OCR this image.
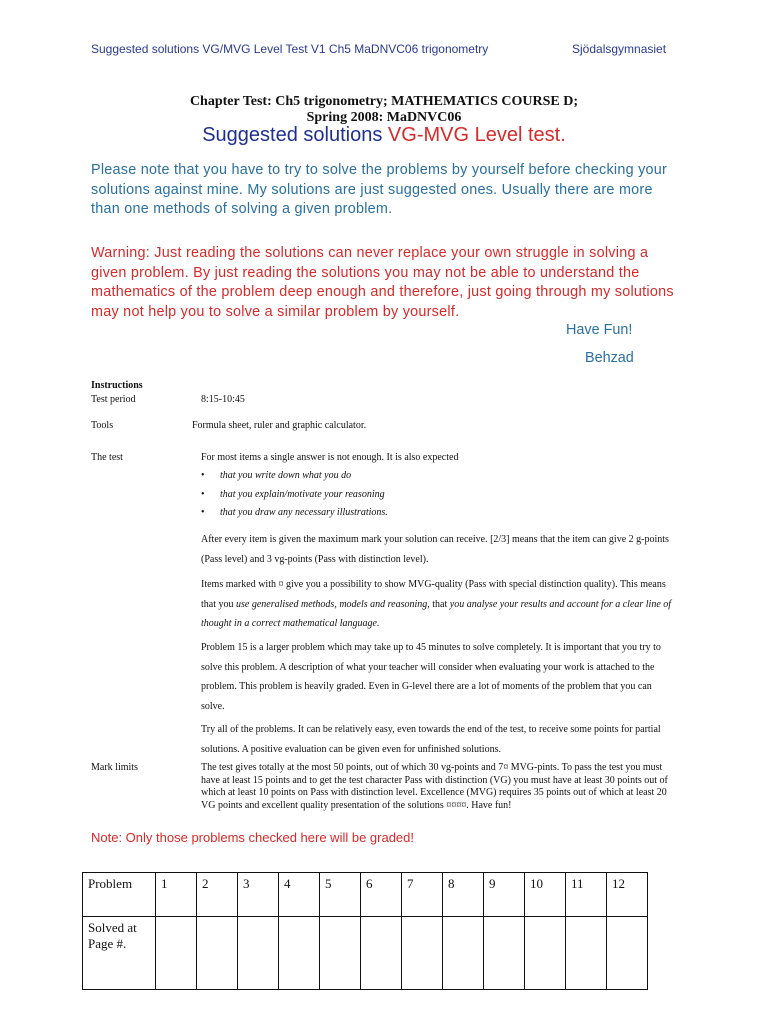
Suggested solutions VG/MVG Level Test V1 Ch5 MaDNVC06 trigonometry	Sjödalsgymnasiet
Chapter Test: Ch5 trigonometry; MATHEMATICS COURSE D;
Spring 2008: MaDNVC06
Suggested solutions VG-MVG Level test.
Please note that you have to try to solve the problems by yourself before checking your solutions against mine. My solutions are just suggested ones. Usually there are more than one methods of solving a given problem.
Warning: Just reading the solutions can never replace your own struggle in solving a given problem. By just reading the solutions you may not be able to understand the mathematics of the problem deep enough and therefore, just going through my solutions may not help you to solve a similar problem by yourself.
Have Fun!
Behzad
Instructions
Test period	8:15-10:45
Tools	Formula sheet, ruler and graphic calculator.
The test	For most items a single answer is not enough. It is also expected
• that you write down what you do
• that you explain/motivate your reasoning
• that you draw any necessary illustrations.
After every item is given the maximum mark your solution can receive. [2/3] means that the item can give 2 g-points (Pass level) and 3 vg-points (Pass with distinction level).
Items marked with ¤ give you a possibility to show MVG-quality (Pass with special distinction quality). This means that you use generalised methods, models and reasoning, that you analyse your results and account for a clear line of thought in a correct mathematical language.
Problem 15 is a larger problem which may take up to 45 minutes to solve completely. It is important that you try to solve this problem. A description of what your teacher will consider when evaluating your work is attached to the problem. This problem is heavily graded. Even in G-level there are a lot of moments of the problem that you can solve.
Try all of the problems. It can be relatively easy, even towards the end of the test, to receive some points for partial solutions. A positive evaluation can be given even for unfinished solutions.
Mark limits	The test gives totally at the most 50 points, out of which 30 vg-points and 7¤ MVG-pints. To pass the test you must have at least 15 points and to get the test character Pass with distinction (VG) you must have at least 30 points out of which at least 10 points on Pass with distinction level. Excellence (MVG) requires 35 points out of which at least 20 VG points and excellent quality presentation of the solutions ¤¤¤¤. Have fun!
Note: Only those problems checked here will be graded!
Problem	1	2	3	4	5	6	7	8	9	10	11	12
Solved at Page #.												
